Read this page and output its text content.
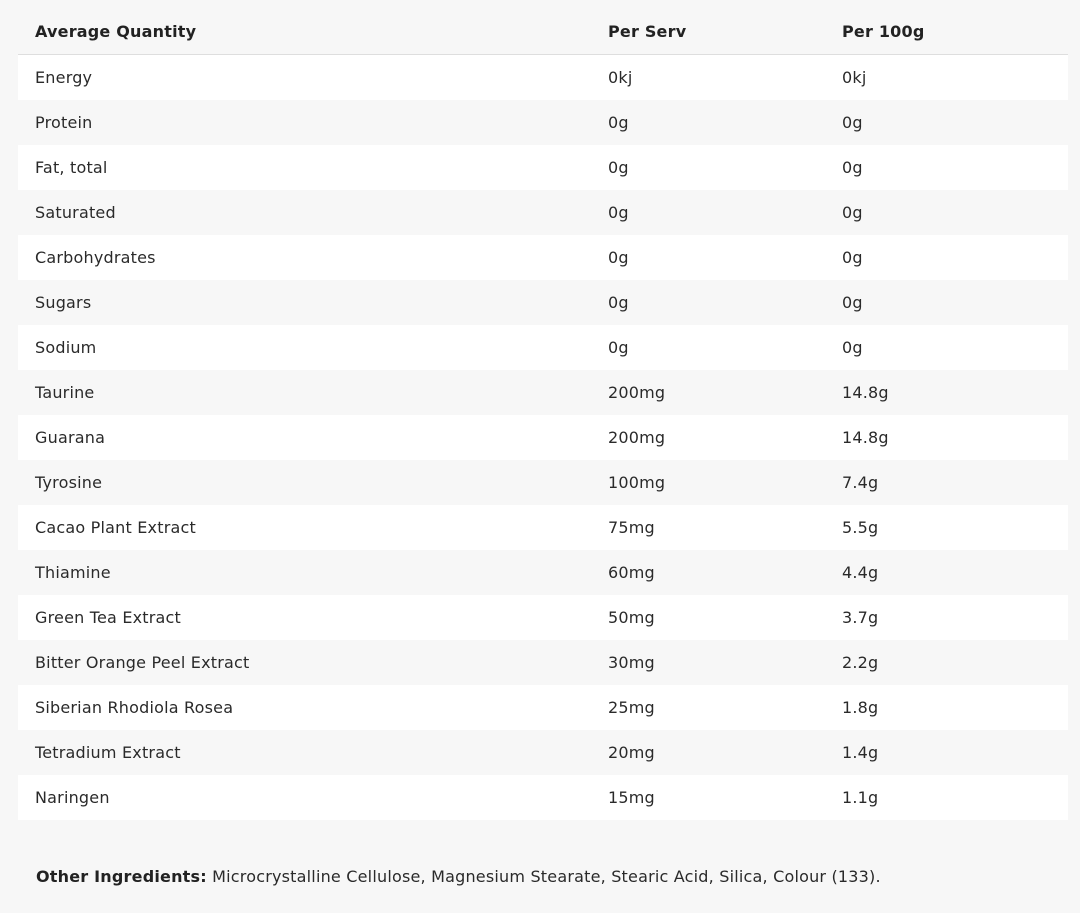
Average Quantity	Per Serv	Per 100g
Energy	0kj	0kj
Protein	0g	0g
Fat, total	0g	0g
Saturated	0g	0g
Carbohydrates	0g	0g
Sugars	0g	0g
Sodium	0g	0g
Taurine	200mg	14.8g
Guarana	200mg	14.8g
Tyrosine	100mg	7.4g
Cacao Plant Extract	75mg	5.5g
Thiamine	60mg	4.4g
Green Tea Extract	50mg	3.7g
Bitter Orange Peel Extract	30mg	2.2g
Siberian Rhodiola Rosea	25mg	1.8g
Tetradium Extract	20mg	1.4g
Naringen	15mg	1.1g
Other Ingredients: Microcrystalline Cellulose, Magnesium Stearate, Stearic Acid, Silica, Colour (133).
